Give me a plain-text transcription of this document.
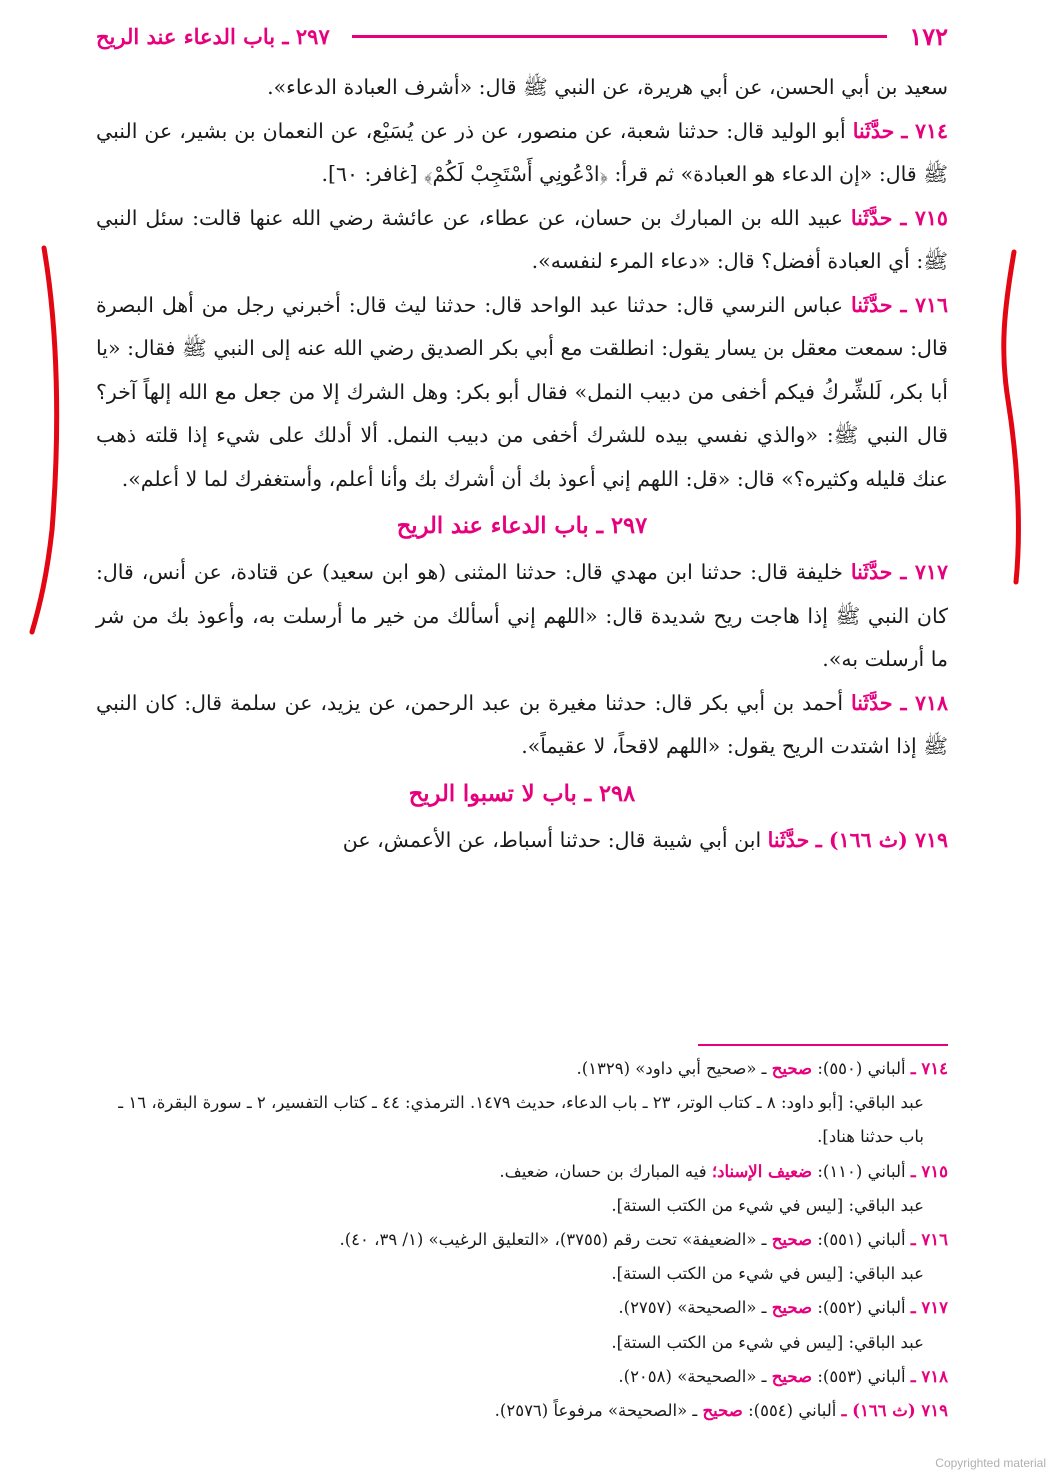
١٧٢
٢٩٧ ـ باب الدعاء عند الريح

سعيد بن أبي الحسن، عن أبي هريرة، عن النبي ﷺ قال: «أشرف العبادة الدعاء».

٧١٤ ـ حدَّثَنا أبو الوليد قال: حدثنا شعبة، عن منصور، عن ذر عن يُسَيْع، عن النعمان بن بشير، عن النبي ﷺ قال: «إن الدعاء هو العبادة» ثم قرأ: ﴿ادْعُونِي أَسْتَجِبْ لَكُمْ﴾ [غافر: ٦٠].

٧١٥ ـ حدَّثَنا عبيد الله بن المبارك بن حسان، عن عطاء، عن عائشة رضي الله عنها قالت: سئل النبي ﷺ: أي العبادة أفضل؟ قال: «دعاء المرء لنفسه».

٧١٦ ـ حدَّثَنا عباس النرسي قال: حدثنا عبد الواحد قال: حدثنا ليث قال: أخبرني رجل من أهل البصرة قال: سمعت معقل بن يسار يقول: انطلقت مع أبي بكر الصديق رضي الله عنه إلى النبي ﷺ فقال: «يا أبا بكر، لَلشِّركُ فيكم أخفى من دبيب النمل» فقال أبو بكر: وهل الشرك إلا من جعل مع الله إلهاً آخر؟ قال النبي ﷺ: «والذي نفسي بيده للشرك أخفى من دبيب النمل. ألا أدلك على شيء إذا قلته ذهب عنك قليله وكثيره؟» قال: «قل: اللهم إني أعوذ بك أن أشرك بك وأنا أعلم، وأستغفرك لما لا أعلم».

٢٩٧ ـ باب الدعاء عند الريح

٧١٧ ـ حدَّثَنا خليفة قال: حدثنا ابن مهدي قال: حدثنا المثنى (هو ابن سعيد) عن قتادة، عن أنس، قال: كان النبي ﷺ إذا هاجت ريح شديدة قال: «اللهم إني أسألك من خير ما أرسلت به، وأعوذ بك من شر ما أرسلت به».

٧١٨ ـ حدَّثَنا أحمد بن أبي بكر قال: حدثنا مغيرة بن عبد الرحمن، عن يزيد، عن سلمة قال: كان النبي ﷺ إذا اشتدت الريح يقول: «اللهم لاقحاً، لا عقيماً».

٢٩٨ ـ باب لا تسبوا الريح

٧١٩ (ث ١٦٦) ـ حدَّثَنا ابن أبي شيبة قال: حدثنا أسباط، عن الأعمش، عن

٧١٤ ـ ألباني (٥٥٠): صحيح ـ «صحيح أبي داود» (١٣٢٩).

عبد الباقي: [أبو داود: ٨ ـ كتاب الوتر، ٢٣ ـ باب الدعاء، حديث ١٤٧٩. الترمذي: ٤٤ ـ كتاب التفسير، ٢ ـ سورة البقرة، ١٦ ـ باب حدثنا هناد].

٧١٥ ـ ألباني (١١٠): ضعيف الإسناد؛ فيه المبارك بن حسان، ضعيف.

عبد الباقي: [ليس في شيء من الكتب الستة].

٧١٦ ـ ألباني (٥٥١): صحيح ـ «الضعيفة» تحت رقم (٣٧٥٥)، «التعليق الرغيب» (١/ ٣٩، ٤٠).

عبد الباقي: [ليس في شيء من الكتب الستة].

٧١٧ ـ ألباني (٥٥٢): صحيح ـ «الصحيحة» (٢٧٥٧).

عبد الباقي: [ليس في شيء من الكتب الستة].

٧١٨ ـ ألباني (٥٥٣): صحيح ـ «الصحيحة» (٢٠٥٨).

٧١٩ (ث ١٦٦) ـ ألباني (٥٥٤): صحيح ـ «الصحيحة» مرفوعاً (٢٥٧٦).

Copyrighted material
